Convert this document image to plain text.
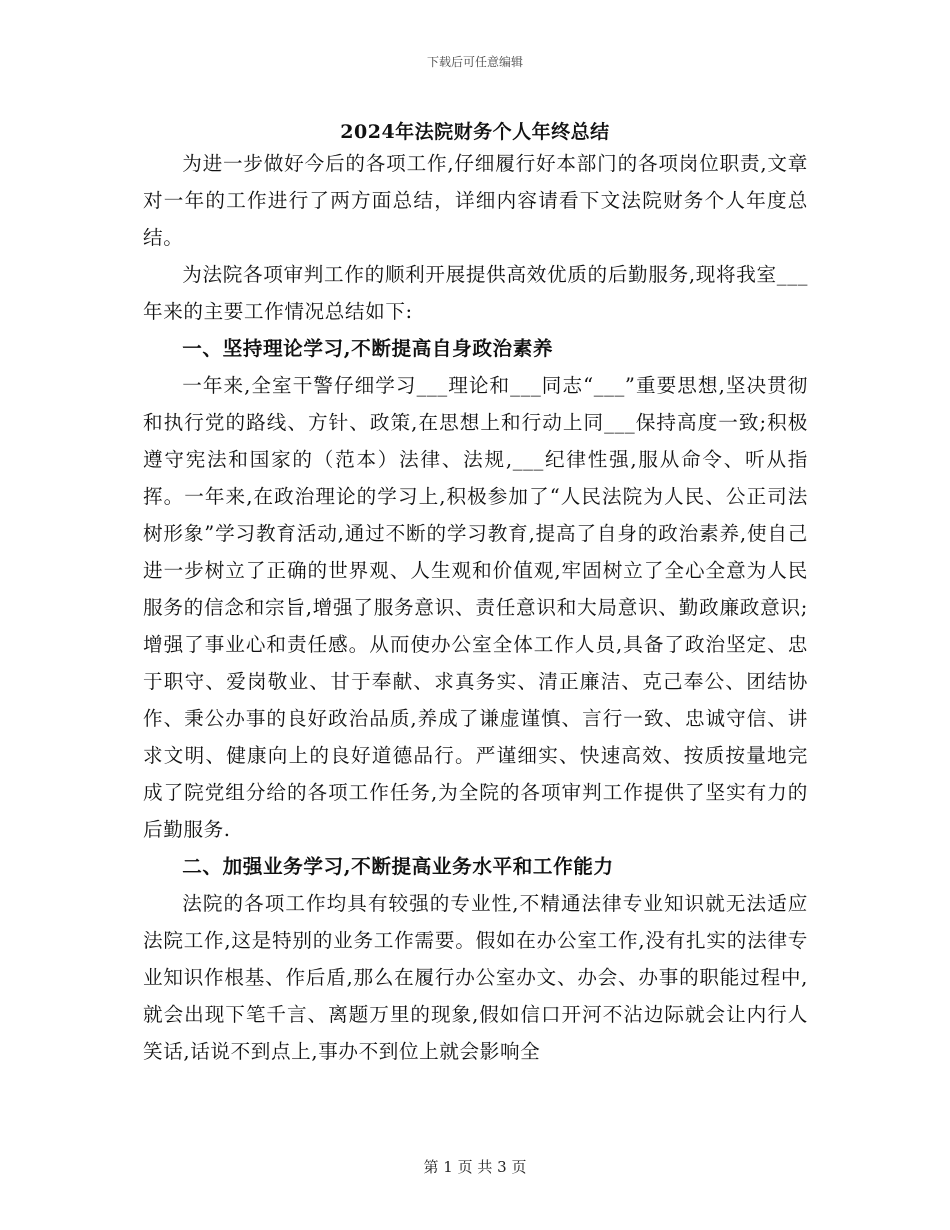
下载后可任意编辑
2024年法院财务个人年终总结

为进一步做好今后的各项工作,仔细履行好本部门的各项岗位职责,文章对一年的工作进行了两方面总结，详细内容请看下文法院财务个人年度总结。

为法院各项审判工作的顺利开展提供高效优质的后勤服务,现将我室___年来的主要工作情况总结如下:

一、坚持理论学习,不断提高自身政治素养

一年来,全室干警仔细学习___理论和___同志“___”重要思想,坚决贯彻和执行党的路线、方针、政策,在思想上和行动上同___保持高度一致;积极遵守宪法和国家的（范本）法律、法规,___纪律性强,服从命令、听从指挥。一年来,在政治理论的学习上,积极参加了“人民法院为人民、公正司法树形象”学习教育活动,通过不断的学习教育,提高了自身的政治素养,使自己进一步树立了正确的世界观、人生观和价值观,牢固树立了全心全意为人民服务的信念和宗旨,增强了服务意识、责任意识和大局意识、勤政廉政意识;增强了事业心和责任感。从而使办公室全体工作人员,具备了政治坚定、忠于职守、爱岗敬业、甘于奉献、求真务实、清正廉洁、克己奉公、团结协作、秉公办事的良好政治品质,养成了谦虚谨慎、言行一致、忠诚守信、讲求文明、健康向上的良好道德品行。严谨细实、快速高效、按质按量地完成了院党组分给的各项工作任务,为全院的各项审判工作提供了坚实有力的后勤服务.

二、加强业务学习,不断提高业务水平和工作能力

法院的各项工作均具有较强的专业性,不精通法律专业知识就无法适应法院工作,这是特别的业务工作需要。假如在办公室工作,没有扎实的法律专业知识作根基、作后盾,那么在履行办公室办文、办会、办事的职能过程中,就会出现下笔千言、离题万里的现象,假如信口开河不沾边际就会让内行人笑话,话说不到点上,事办不到位上就会影响全

第 1 页 共 3 页
